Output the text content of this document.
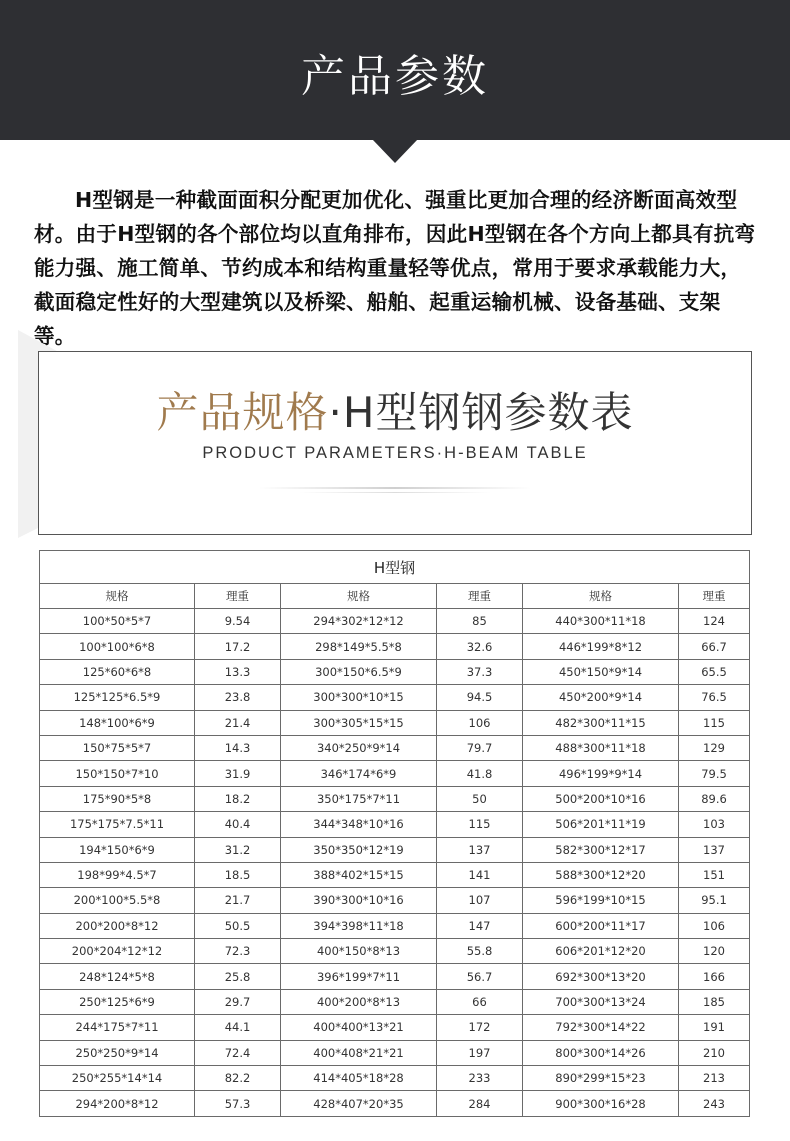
产品参数

H型钢是一种截面面积分配更加优化、强重比更加合理的经济断面高效型材。由于H型钢的各个部位均以直角排布，因此H型钢在各个方向上都具有抗弯能力强、施工简单、节约成本和结构重量轻等优点，常用于要求承载能力大，截面稳定性好的大型建筑以及桥梁、船舶、起重运输机械、设备基础、支架等。

产品规格·H型钢钢参数表
PRODUCT PARAMETERS·H-BEAM TABLE
H型钢					
规格	理重	规格	理重	规格	理重
100*50*5*7	9.54	294*302*12*12	85	440*300*11*18	124
100*100*6*8	17.2	298*149*5.5*8	32.6	446*199*8*12	66.7
125*60*6*8	13.3	300*150*6.5*9	37.3	450*150*9*14	65.5
125*125*6.5*9	23.8	300*300*10*15	94.5	450*200*9*14	76.5
148*100*6*9	21.4	300*305*15*15	106	482*300*11*15	115
150*75*5*7	14.3	340*250*9*14	79.7	488*300*11*18	129
150*150*7*10	31.9	346*174*6*9	41.8	496*199*9*14	79.5
175*90*5*8	18.2	350*175*7*11	50	500*200*10*16	89.6
175*175*7.5*11	40.4	344*348*10*16	115	506*201*11*19	103
194*150*6*9	31.2	350*350*12*19	137	582*300*12*17	137
198*99*4.5*7	18.5	388*402*15*15	141	588*300*12*20	151
200*100*5.5*8	21.7	390*300*10*16	107	596*199*10*15	95.1
200*200*8*12	50.5	394*398*11*18	147	600*200*11*17	106
200*204*12*12	72.3	400*150*8*13	55.8	606*201*12*20	120
248*124*5*8	25.8	396*199*7*11	56.7	692*300*13*20	166
250*125*6*9	29.7	400*200*8*13	66	700*300*13*24	185
244*175*7*11	44.1	400*400*13*21	172	792*300*14*22	191
250*250*9*14	72.4	400*408*21*21	197	800*300*14*26	210
250*255*14*14	82.2	414*405*18*28	233	890*299*15*23	213
294*200*8*12	57.3	428*407*20*35	284	900*300*16*28	243
